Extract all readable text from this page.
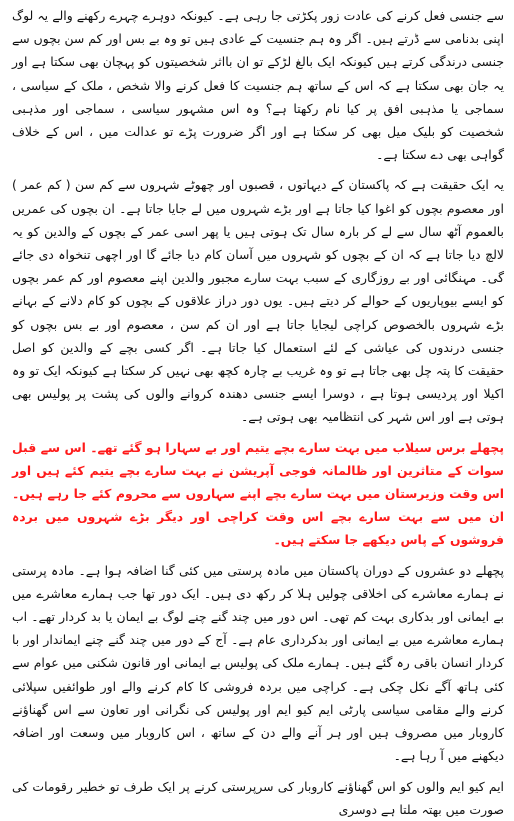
سے جنسی فعل کرنے کی عادت زور پکڑتی جا رہی ہے۔ کیونکہ دوہرے چہرے رکھنے والے یہ لوگ اپنی بدنامی سے ڈرتے ہیں۔ اگر وہ ہم جنسیت کے عادی ہیں تو وہ بے بس اور کم سن بچوں سے جنسی درندگی کرتے ہیں کیونکہ ایک بالغ لڑکے تو ان بااثر شخصیتوں کو پہچان بھی سکتا ہے اور یہ جان بھی سکتا ہے کہ اس کے ساتھ ہم جنسیت کا فعل کرنے والا شخص ، ملک کے سیاسی ، سماجی یا مذہبی افق پر کیا نام رکھتا ہے؟ وہ اس مشہور سیاسی ، سماجی اور مذہبی شخصیت کو بلیک میل بھی کر سکتا ہے اور اگر ضرورت پڑے تو عدالت میں ، اس کے خلاف گواہی بھی دے سکتا ہے۔

یہ ایک حقیقت ہے کہ پاکستان کے دیہاتوں ، قصبوں اور چھوٹے شہروں سے کم سن ( کم عمر ) اور معصوم بچوں کو اغوا کیا جاتا ہے اور بڑے شہروں میں لے جایا جاتا ہے۔ ان بچوں کی عمریں بالعموم آٹھ سال سے لے کر بارہ سال تک ہوتی ہیں یا پھر اسی عمر کے بچوں کے والدین کو یہ لالچ دیا جاتا ہے کہ ان کے بچوں کو شہروں میں آسان کام دیا جائے گا اور اچھی تنخواہ دی جائے گی۔ مہنگائی اور بے روزگاری کے سبب بہت سارے مجبور والدین اپنے معصوم اور کم عمر بچوں کو ایسے بیوپاریوں کے حوالے کر دیتے ہیں۔ یوں دور دراز علاقوں کے بچوں کو کام دلانے کے بہانے بڑے شہروں بالخصوص کراچی لیجایا جاتا ہے اور ان کم سن ، معصوم اور بے بس بچوں کو جنسی درندوں کی عیاشی کے لئے استعمال کیا جاتا ہے۔ اگر کسی بچے کے والدین کو اصل حقیقت کا پتہ چل بھی جاتا ہے تو وہ غریب بے چارہ کچھ بھی نہیں کر سکتا ہے کیونکہ ایک تو وہ اکیلا اور پردیسی ہوتا ہے ، دوسرا ایسے جنسی دھندہ کروانے والوں کی پشت پر پولیس بھی ہوتی ہے اور اس شہر کی انتظامیہ بھی ہوتی ہے۔

پچھلے برس سیلاب میں بہت سارے بچے یتیم اور بے سہارا ہو گئے تھے۔ اس سے قبل سوات کے متاثرین اور ظالمانہ فوجی آپریشن نے بہت سارے بچے یتیم کئے ہیں اور اس وقت وزیرستان میں بہت سارے بچے اپنے سہاروں سے محروم کئے جا رہے ہیں۔ ان میں سے بہت سارے بچے اس وقت کراچی اور دیگر بڑے شہروں میں بردہ فروشوں کے پاس دیکھے جا سکتے ہیں۔

پچھلے دو عشروں کے دوران پاکستان میں مادہ پرستی میں کئی گنا اضافہ ہوا ہے۔ مادہ پرستی نے ہمارے معاشرے کی اخلاقی چولیں ہلا کر رکھ دی ہیں۔ ایک دور تھا جب ہمارے معاشرے میں بے ایمانی اور بدکاری بہت کم تھی۔ اس دور میں چند گنے چنے لوگ بے ایمان یا بد کردار تھے۔ اب ہمارے معاشرے میں بے ایمانی اور بدکرداری عام ہے۔ آج کے دور میں چند گنے چنے ایماندار اور با کردار انسان باقی رہ گئے ہیں۔ ہمارے ملک کی پولیس بے ایمانی اور قانون شکنی میں عوام سے کئی ہاتھ آگے نکل چکی ہے۔ کراچی میں بردہ فروشی کا کام کرنے والے اور طوائفیں سپلائی کرنے والے مقامی سیاسی پارٹی ایم کیو ایم اور پولیس کی نگرانی اور تعاون سے اس گھناؤنے کاروبار میں مصروف ہیں اور ہر آنے والے دن کے ساتھ ، اس کاروبار میں وسعت اور اضافہ دیکھنے میں آ رہا ہے۔

ایم کیو ایم والوں کو اس گھناؤنے کاروبار کی سرپرستی کرنے پر ایک طرف تو خطیر رقومات کی صورت میں بھتہ ملتا ہے دوسری
